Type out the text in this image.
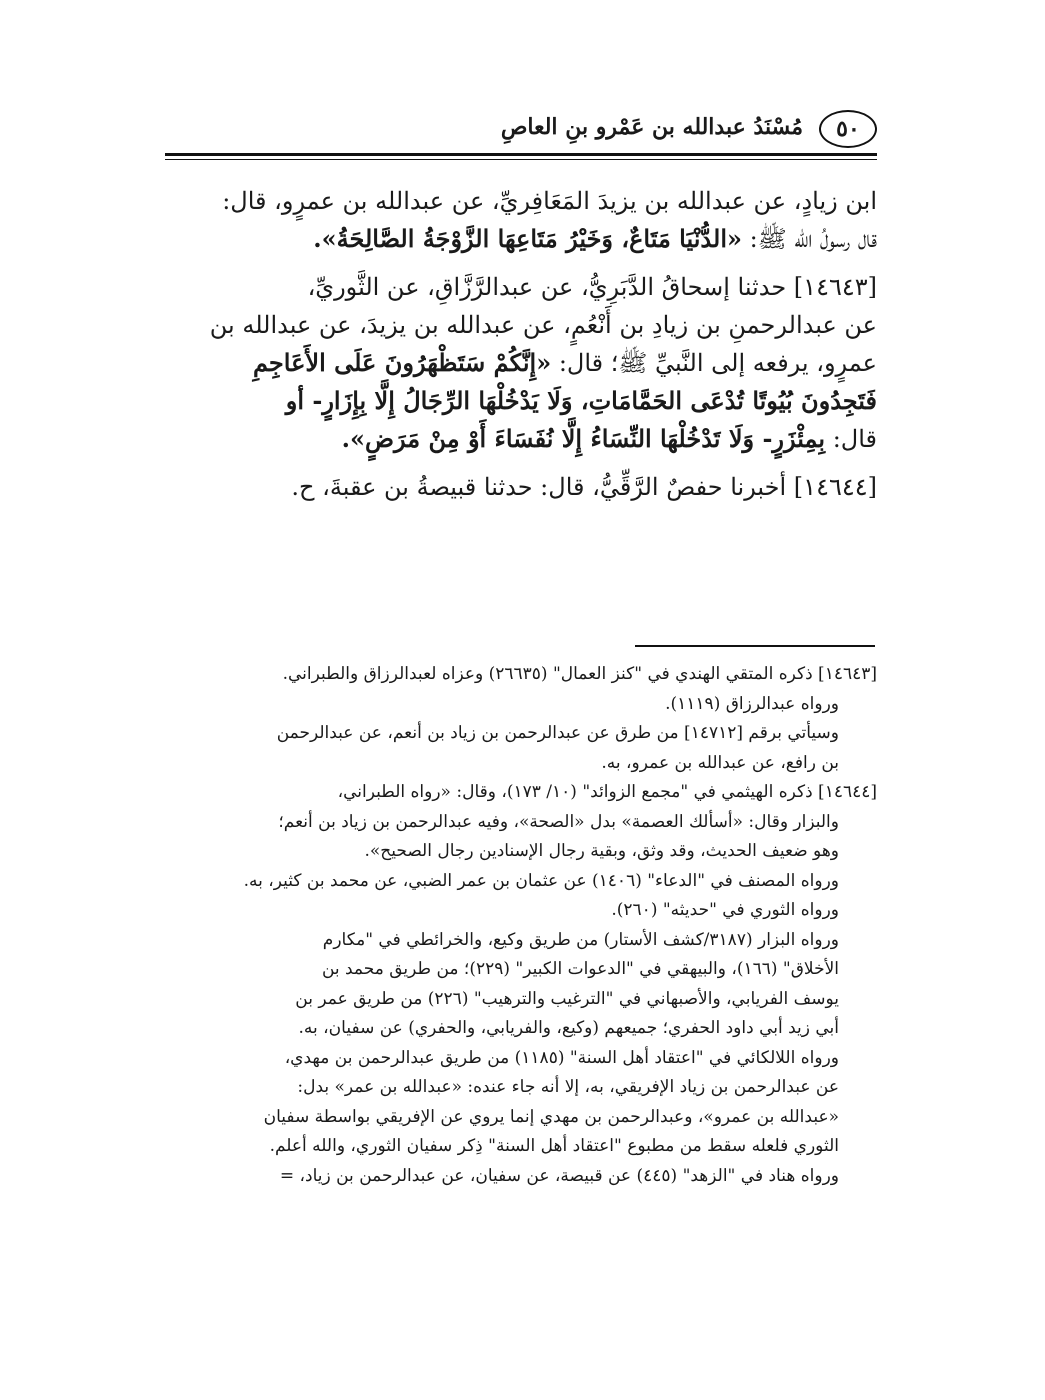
٥٠
مُسْنَدُ عبدالله بن عَمْرو بنِ العاصِ

ابن زيادٍ، عن عبدالله بن يزيدَ المَعَافِريِّ، عن عبدالله بن عمرٍو، قال:

قال رسولُ الله ﷺ: «الدُّنْيَا مَتَاعٌ، وَخَيْرُ مَتَاعِهَا الزَّوْجَةُ الصَّالِحَةُ».

[١٤٦٤٣] حدثنا إسحاقُ الدَّبَرِيُّ، عن عبدالرَّزَّاقِ، عن الثَّوريِّ،

عن عبدالرحمنِ بن زيادِ بن أَنْعُمٍ، عن عبدالله بن يزيدَ، عن عبدالله بن

عمرٍو، يرفعه إلى النَّبيِّ ﷺ؛ قال: «إِنَّكُمْ سَتَظْهَرُونَ عَلَى الأَعَاجِمِ

فَتَجِدُونَ بُيُوتًا تُدْعَى الحَمَّامَاتِ، وَلَا يَدْخُلْهَا الرِّجَالُ إِلَّا بِإِزَارٍ- أو

قال: بِمِئْزَرٍ- وَلَا تَدْخُلْهَا النِّسَاءُ إِلَّا نُفَسَاءَ أَوْ مِنْ مَرَضٍ».

[١٤٦٤٤] أخبرنا حفصٌ الرَّقِّيُّ، قال: حدثنا قبيصةُ بن عقبةَ، ح.

[١٤٦٤٣] ذكره المتقي الهندي في "كنز العمال" (٢٦٦٣٥) وعزاه لعبدالرزاق والطبراني.

ورواه عبدالرزاق (١١١٩).

وسيأتي برقم [١٤٧١٢] من طرق عن عبدالرحمن بن زياد بن أنعم، عن عبدالرحمن

بن رافع، عن عبدالله بن عمرو، به.

[١٤٦٤٤] ذكره الهيثمي في "مجمع الزوائد" (١٠/ ١٧٣)، وقال: «رواه الطبراني،

والبزار وقال: «أسألك العصمة» بدل «الصحة»، وفيه عبدالرحمن بن زياد بن أنعم؛

وهو ضعيف الحديث، وقد وثق، وبقية رجال الإسنادين رجال الصحيح».

ورواه المصنف في "الدعاء" (١٤٠٦) عن عثمان بن عمر الضبي، عن محمد بن كثير، به.

ورواه الثوري في "حديثه" (٢٦٠).

ورواه البزار (٣١٨٧/كشف الأستار) من طريق وكيع، والخرائطي في "مكارم

الأخلاق" (١٦٦)، والبيهقي في "الدعوات الكبير" (٢٢٩)؛ من طريق محمد بن

يوسف الفريابي، والأصبهاني في "الترغيب والترهيب" (٢٢٦) من طريق عمر بن

أبي زيد أبي داود الحفري؛ جميعهم (وكيع، والفريابي، والحفري) عن سفيان، به.

ورواه اللالكائي في "اعتقاد أهل السنة" (١١٨٥) من طريق عبدالرحمن بن مهدي،

عن عبدالرحمن بن زياد الإفريقي، به، إلا أنه جاء عنده: «عبدالله بن عمر» بدل:

«عبدالله بن عمرو»، وعبدالرحمن بن مهدي إنما يروي عن الإفريقي بواسطة سفيان

الثوري فلعله سقط من مطبوع "اعتقاد أهل السنة" ذِكر سفيان الثوري، والله أعلم.

ورواه هناد في "الزهد" (٤٤٥) عن قبيصة، عن سفيان، عن عبدالرحمن بن زياد، =
